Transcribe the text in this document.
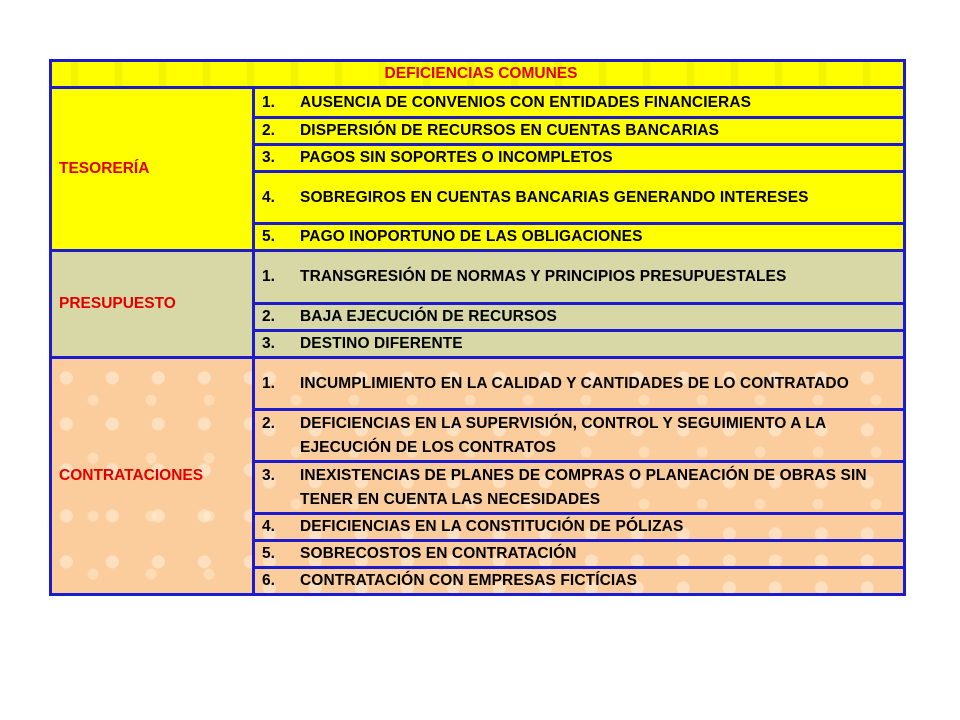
DEFICIENCIAS COMUNES	
TESORERÍA	1. AUSENCIA DE CONVENIOS CON ENTIDADES FINANCIERAS

	2. DISPERSIÓN DE RECURSOS EN CUENTAS BANCARIAS

	3. PAGOS SIN SOPORTES O INCOMPLETOS

	4. SOBREGIROS EN CUENTAS BANCARIAS GENERANDO INTERESES

	5. PAGO INOPORTUNO DE LAS OBLIGACIONES

PRESUPUESTO	1. TRANSGRESIÓN DE NORMAS Y PRINCIPIOS PRESUPUESTALES

	2. BAJA EJECUCIÓN DE RECURSOS

	3. DESTINO DIFERENTE

CONTRATACIONES	1. INCUMPLIMIENTO EN LA CALIDAD Y CANTIDADES DE LO CONTRATADO

	2. DEFICIENCIAS EN LA SUPERVISIÓN, CONTROL Y SEGUIMIENTO A LA EJECUCIÓN DE LOS CONTRATOS

	3. INEXISTENCIAS DE PLANES DE COMPRAS O PLANEACIÓN DE OBRAS SIN TENER EN CUENTA LAS NECESIDADES

	4. DEFICIENCIAS EN LA CONSTITUCIÓN DE PÓLIZAS

	5. SOBRECOSTOS EN CONTRATACIÓN

	6. CONTRATACIÓN CON EMPRESAS FICTÍCIAS
